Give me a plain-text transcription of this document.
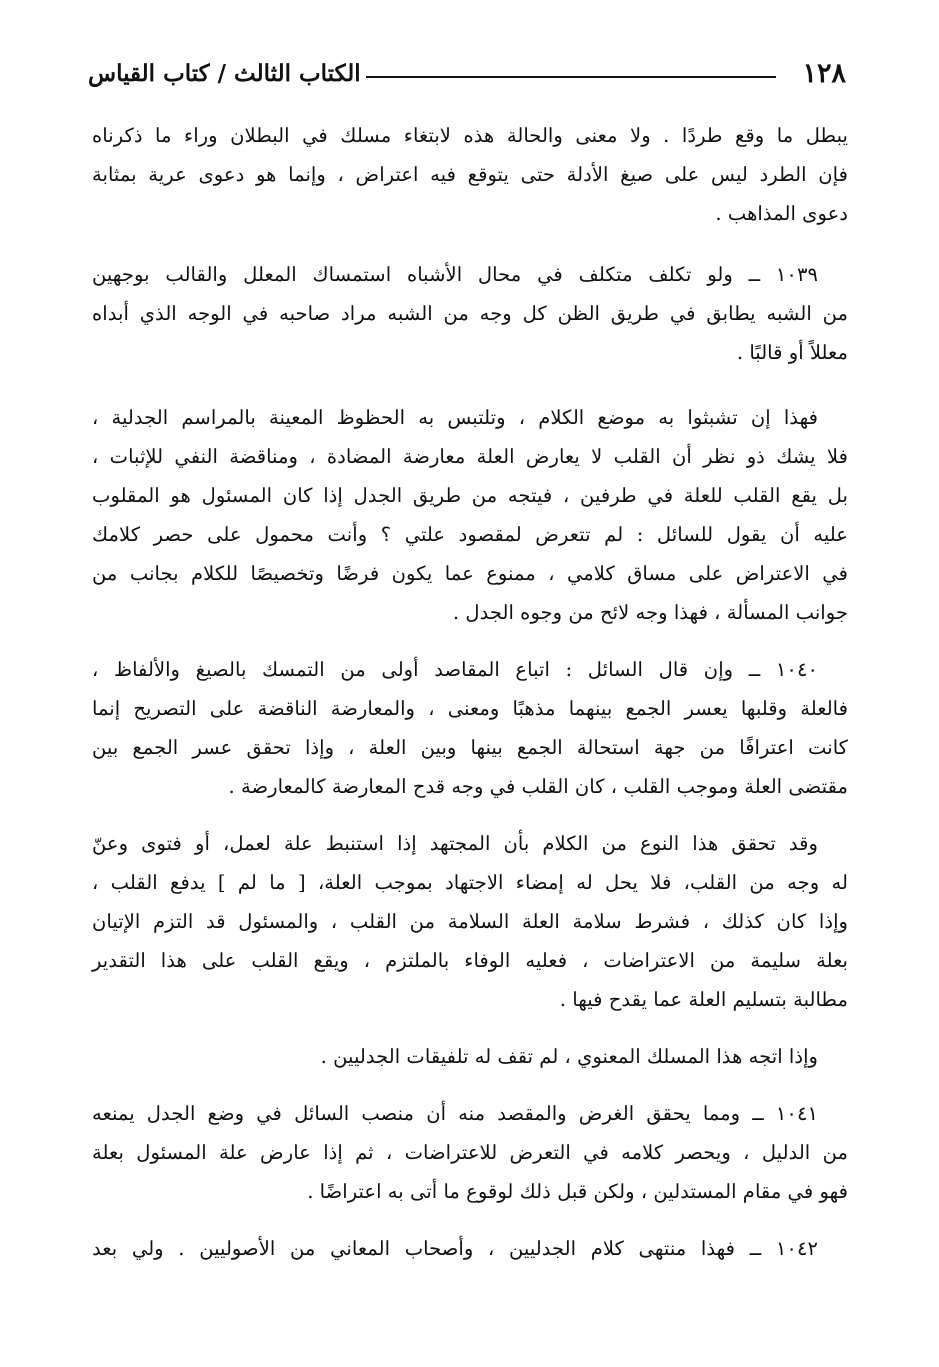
١٢٨
الكتاب الثالث / كتاب القياس
يبطل ما وقع طردًا . ولا معنى والحالة هذه لابتغاء مسلك في البطلان وراء ما ذكرناه
فإن الطرد ليس على صيغ الأدلة حتى يتوقع فيه اعتراض ، وإنما هو دعوى عرية بمثابة
دعوى المذاهب .
١٠٣٩ ــ ولو تكلف متكلف في محال الأشباه استمساك المعلل والقالب بوجهين
من الشبه يطابق في طريق الظن كل وجه من الشبه مراد صاحبه في الوجه الذي أبداه
معللاً أو قالبًا .
فهذا إن تشبثوا به موضع الكلام ، وتلتبس به الحظوظ المعينة بالمراسم الجدلية ،
فلا يشك ذو نظر أن القلب لا يعارض العلة معارضة المضادة ، ومناقضة النفي للإثبات ،
بل يقع القلب للعلة في طرفين ، فيتجه من طريق الجدل إذا كان المسئول هو المقلوب
عليه أن يقول للسائل : لم تتعرض لمقصود علتي ؟ وأنت محمول على حصر كلامك
في الاعتراض على مساق كلامي ، ممنوع عما يكون فرضًا وتخصيصًا للكلام بجانب من
جوانب المسألة ، فهذا وجه لائح من وجوه الجدل .
١٠٤٠ ــ وإن قال السائل : اتباع المقاصد أولى من التمسك بالصيغ والألفاظ ،
فالعلة وقلبها يعسر الجمع بينهما مذهبًا ومعنى ، والمعارضة الناقضة على التصريح إنما
كانت اعترافًا من جهة استحالة الجمع بينها وبين العلة ، وإذا تحقق عسر الجمع بين
مقتضى العلة وموجب القلب ، كان القلب في وجه قدح المعارضة كالمعارضة .
وقد تحقق هذا النوع من الكلام بأن المجتهد إذا استنبط علة لعمل، أو فتوى وعنّ
له وجه من القلب، فلا يحل له إمضاء الاجتهاد بموجب العلة، [ ما لم ] يدفع القلب ،
وإذا كان كذلك ، فشرط سلامة العلة السلامة من القلب ، والمسئول قد التزم الإتيان
بعلة سليمة من الاعتراضات ، فعليه الوفاء بالملتزم ، ويقع القلب على هذا التقدير
مطالبة بتسليم العلة عما يقدح فيها .
وإذا اتجه هذا المسلك المعنوي ، لم تقف له تلفيقات الجدليين .
١٠٤١ ــ ومما يحقق الغرض والمقصد منه أن منصب السائل في وضع الجدل يمنعه
من الدليل ، ويحصر كلامه في التعرض للاعتراضات ، ثم إذا عارض علة المسئول بعلة
فهو في مقام المستدلين ، ولكن قبل ذلك لوقوع ما أتى به اعتراضًا .
١٠٤٢ ــ فهذا منتهى كلام الجدليين ، وأصحاب المعاني من الأصوليين . ولي بعد
